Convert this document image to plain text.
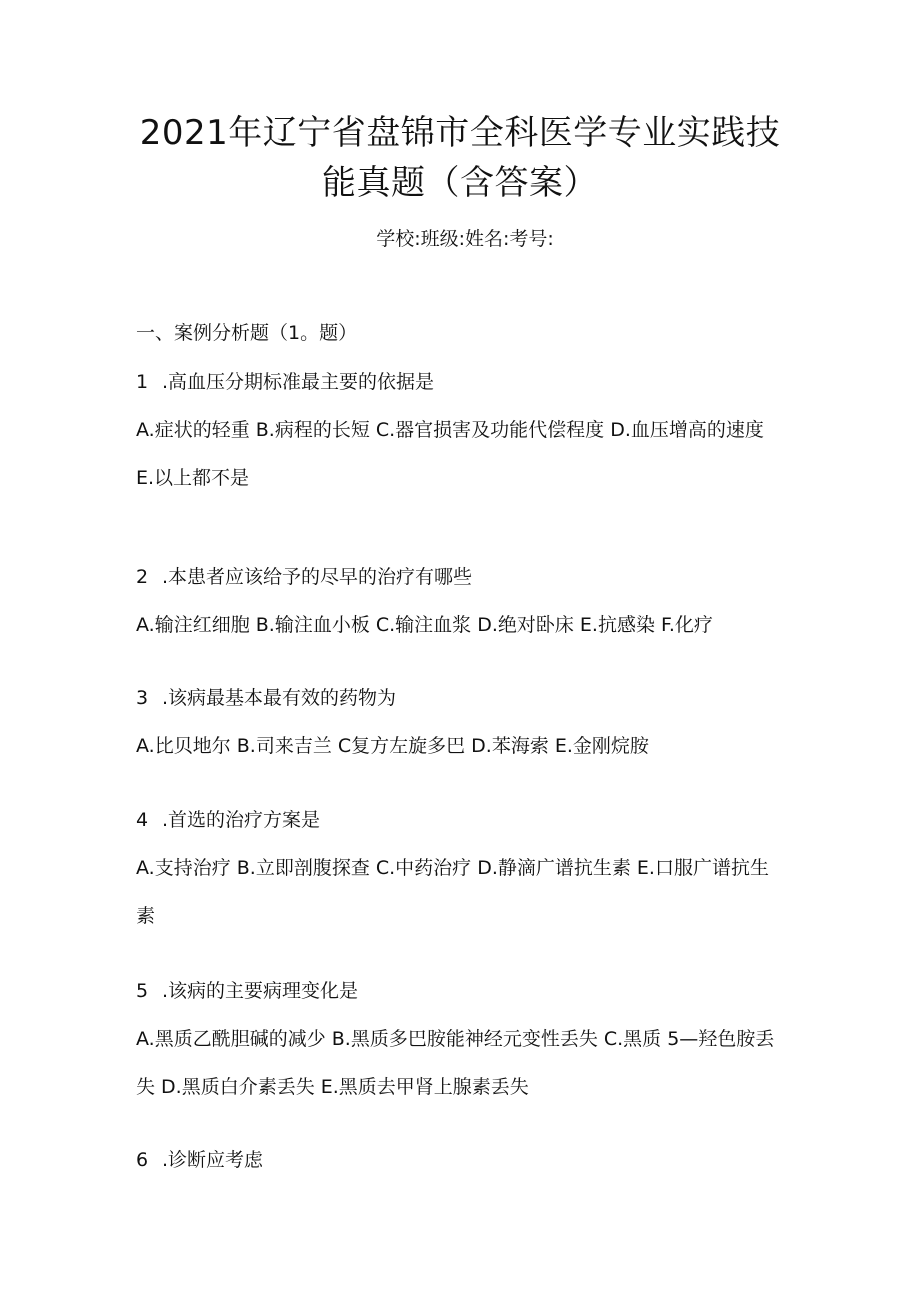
2021年辽宁省盘锦市全科医学专业实践技
能真题（含答案）
学校:班级:姓名:考号:
一、案例分析题（1。题）
1 .高血压分期标准最主要的依据是
A.症状的轻重 B.病程的长短 C.器官损害及功能代偿程度 D.血压增高的速度 E.以上都不是
2 .本患者应该给予的尽早的治疗有哪些
A.输注红细胞 B.输注血小板 C.输注血浆 D.绝对卧床 E.抗感染 F.化疗
3 .该病最基本最有效的药物为
A.比贝地尔 B.司来吉兰 C复方左旋多巴 D.苯海索 E.金刚烷胺
4 .首选的治疗方案是
A.支持治疗 B.立即剖腹探查 C.中药治疗 D.静滴广谱抗生素 E.口服广谱抗生素
5 .该病的主要病理变化是
A.黑质乙酰胆碱的减少 B.黑质多巴胺能神经元变性丢失 C.黑质 5—羟色胺丢失 D.黑质白介素丢失 E.黑质去甲肾上腺素丢失
6 .诊断应考虑
